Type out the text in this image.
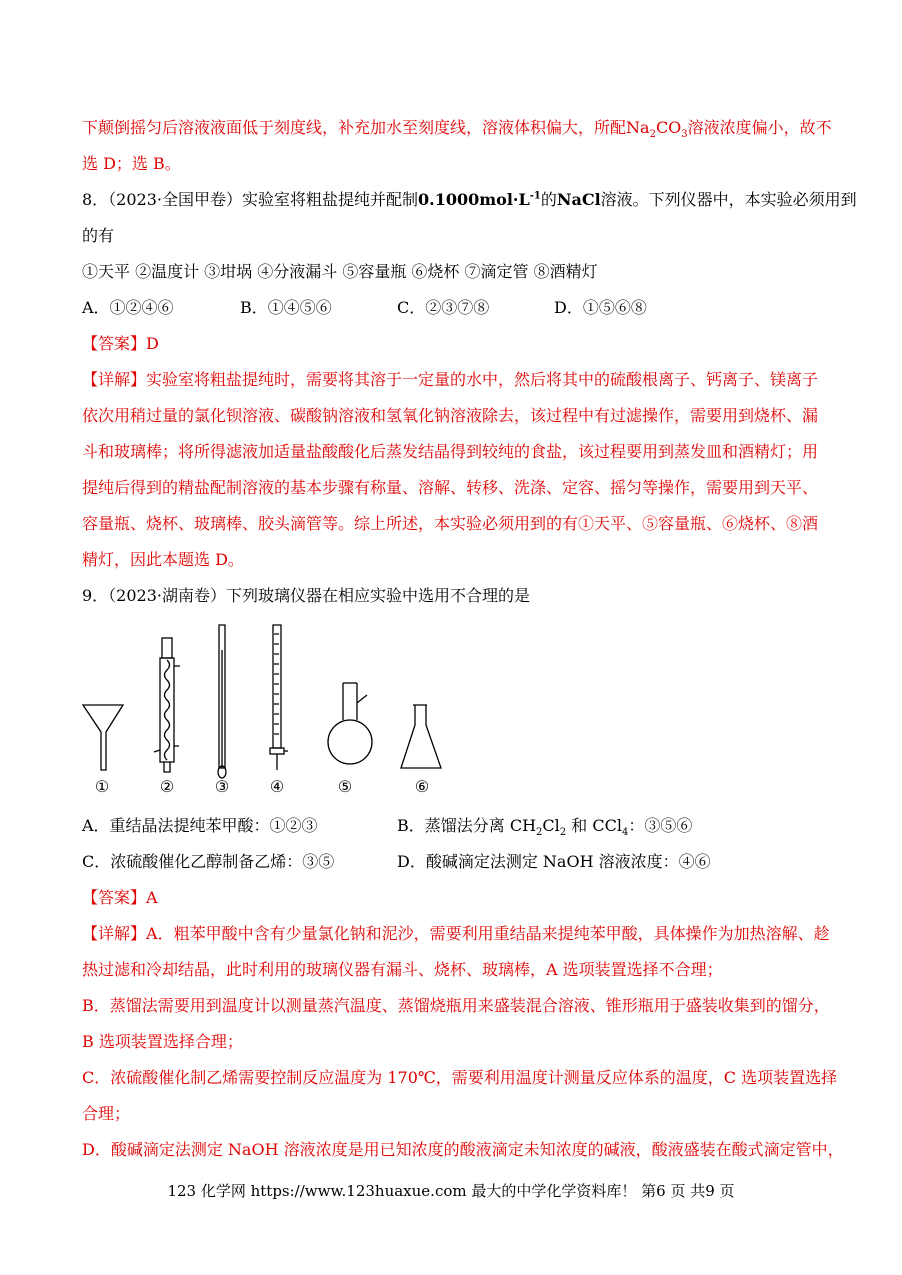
下颠倒摇匀后溶液液面低于刻度线，补充加水至刻度线，溶液体积偏大，所配$Na_2CO_3$溶液浓度偏小，故不
选 D；选 B。
8．（2023·全国甲卷）实验室将粗盐提纯并配制$0.1000mol\cdot L^{-1}$的NaCl溶液。下列仪器中，本实验必须用到
的有
①天平 ②温度计 ③坩埚 ④分液漏斗 ⑤容量瓶 ⑥烧杯 ⑦滴定管 ⑧酒精灯
A．①②④⑥	B．①④⑤⑥	C．②③⑦⑧	D．①⑤⑥⑧
【答案】D
【详解】实验室将粗盐提纯时，需要将其溶于一定量的水中，然后将其中的硫酸根离子、钙离子、镁离子
依次用稍过量的氯化钡溶液、碳酸钠溶液和氢氧化钠溶液除去，该过程中有过滤操作，需要用到烧杯、漏
斗和玻璃棒；将所得滤液加适量盐酸酸化后蒸发结晶得到较纯的食盐，该过程要用到蒸发皿和酒精灯；用
提纯后得到的精盐配制溶液的基本步骤有称量、溶解、转移、洗涤、定容、摇匀等操作，需要用到天平、
容量瓶、烧杯、玻璃棒、胶头滴管等。综上所述，本实验必须用到的有①天平、⑤容量瓶、⑥烧杯、⑧酒
精灯，因此本题选 D。
9．（2023·湖南卷）下列玻璃仪器在相应实验中选用不合理的是
①	②	③	④	⑤	⑥
A．重结晶法提纯苯甲酸：①②③	B．蒸馏法分离 $CH_2Cl_2$ 和 CCl$_4$：③⑤⑥
C．浓硫酸催化乙醇制备乙烯：③⑤	D．酸碱滴定法测定 NaOH 溶液浓度：④⑥
【答案】A
【详解】A．粗苯甲酸中含有少量氯化钠和泥沙，需要利用重结晶来提纯苯甲酸，具体操作为加热溶解、趁
热过滤和冷却结晶，此时利用的玻璃仪器有漏斗、烧杯、玻璃棒，A 选项装置选择不合理；
B．蒸馏法需要用到温度计以测量蒸汽温度、蒸馏烧瓶用来盛装混合溶液、锥形瓶用于盛装收集到的馏分，
B 选项装置选择合理；
C．浓硫酸催化制乙烯需要控制反应温度为 170℃，需要利用温度计测量反应体系的温度，C 选项装置选择
合理；
D．酸碱滴定法测定 NaOH 溶液浓度是用已知浓度的酸液滴定未知浓度的碱液，酸液盛装在酸式滴定管中，
123 化学网 https://www.123huaxue.com 最大的中学化学资料库！ 第6 页 共9 页
